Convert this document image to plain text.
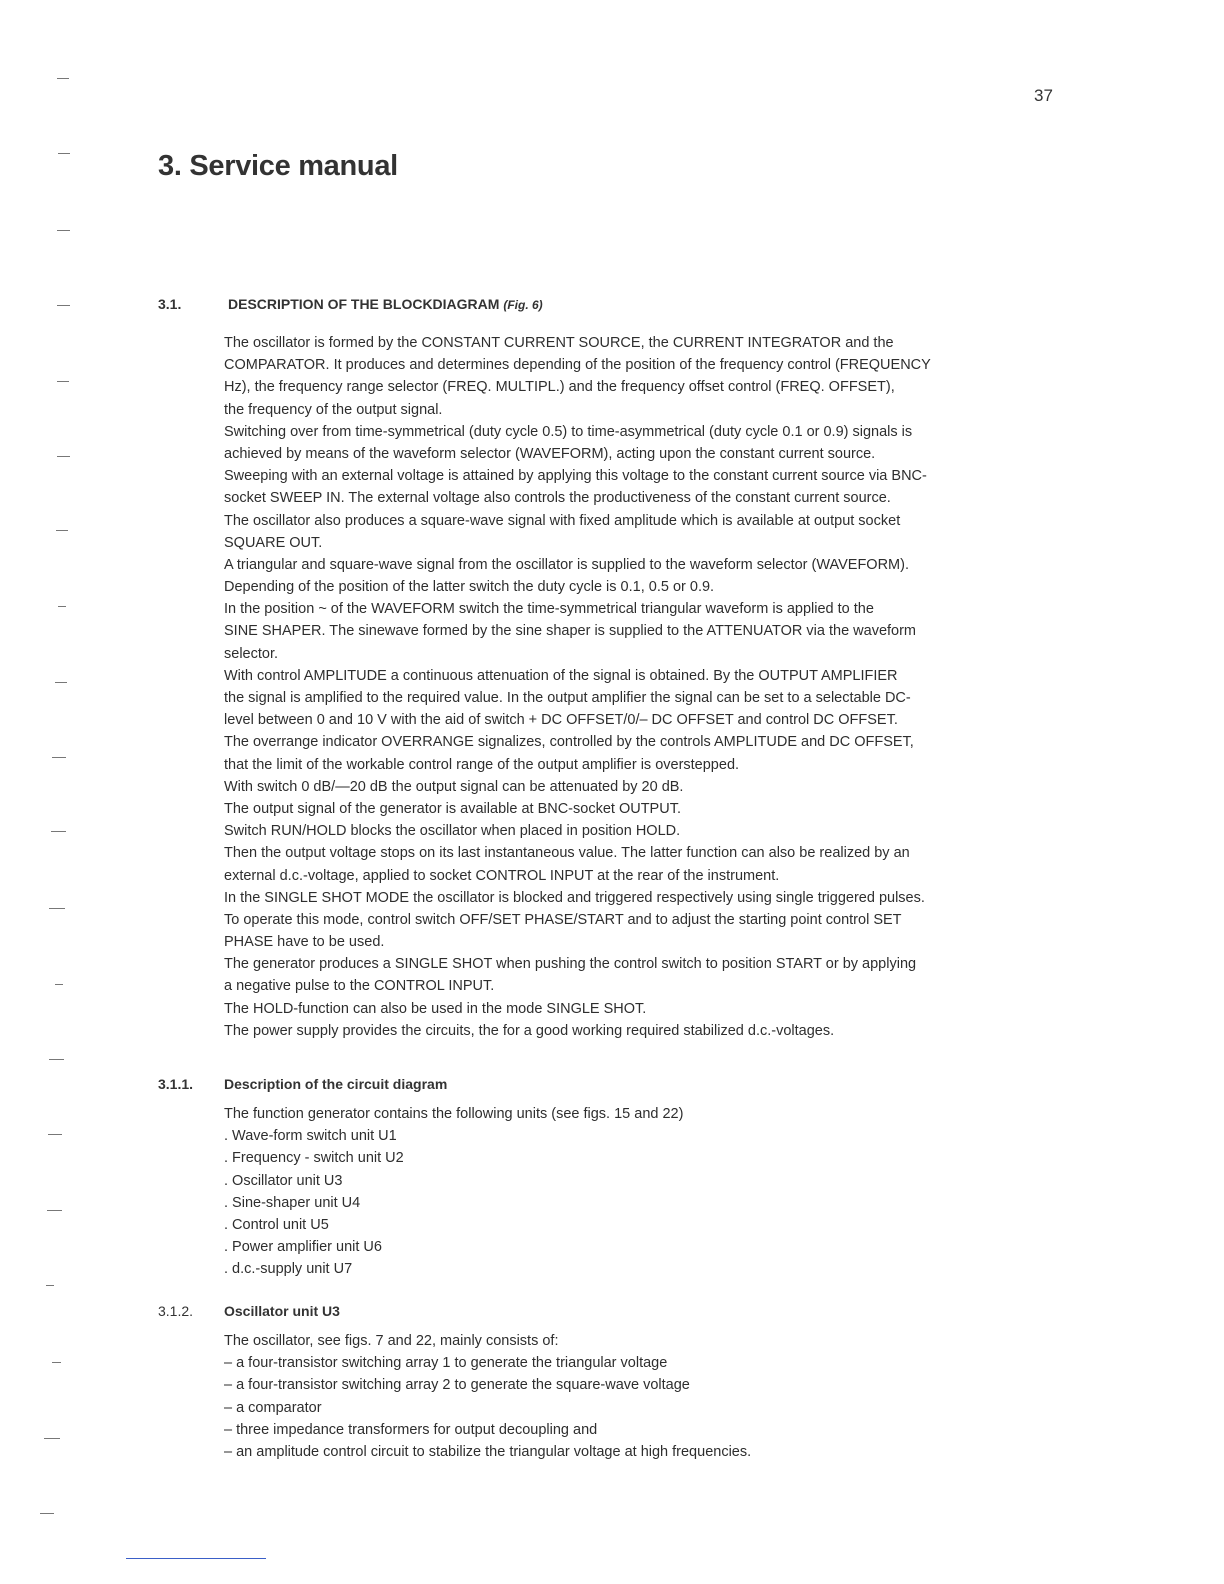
37
3. Service manual
3.1.	DESCRIPTION OF THE BLOCKDIAGRAM (Fig. 6)
The oscillator is formed by the CONSTANT CURRENT SOURCE, the CURRENT INTEGRATOR and the
COMPARATOR. It produces and determines depending of the position of the frequency control (FREQUENCY
Hz), the frequency range selector (FREQ. MULTIPL.) and the frequency offset control (FREQ. OFFSET),
the frequency of the output signal.
Switching over from time-symmetrical (duty cycle 0.5) to time-asymmetrical (duty cycle 0.1 or 0.9) signals is
achieved by means of the waveform selector (WAVEFORM), acting upon the constant current source.
Sweeping with an external voltage is attained by applying this voltage to the constant current source via BNC-
socket SWEEP IN. The external voltage also controls the productiveness of the constant current source.
The oscillator also produces a square-wave signal with fixed amplitude which is available at output socket
SQUARE OUT.
A triangular and square-wave signal from the oscillator is supplied to the waveform selector (WAVEFORM).
Depending of the position of the latter switch the duty cycle is 0.1, 0.5 or 0.9.
In the position ~ of the WAVEFORM switch the time-symmetrical triangular waveform is applied to the
SINE SHAPER. The sinewave formed by the sine shaper is supplied to the ATTENUATOR via the waveform
selector.
With control AMPLITUDE a continuous attenuation of the signal is obtained. By the OUTPUT AMPLIFIER
the signal is amplified to the required value. In the output amplifier the signal can be set to a selectable DC-
level between 0 and 10 V with the aid of switch + DC OFFSET/0/– DC OFFSET and control DC OFFSET.
The overrange indicator OVERRANGE signalizes, controlled by the controls AMPLITUDE and DC OFFSET,
that the limit of the workable control range of the output amplifier is overstepped.
With switch 0 dB/—20 dB the output signal can be attenuated by 20 dB.
The output signal of the generator is available at BNC-socket OUTPUT.
Switch RUN/HOLD blocks the oscillator when placed in position HOLD.
Then the output voltage stops on its last instantaneous value. The latter function can also be realized by an
external d.c.-voltage, applied to socket CONTROL INPUT at the rear of the instrument.
In the SINGLE SHOT MODE the oscillator is blocked and triggered respectively using single triggered pulses.
To operate this mode, control switch OFF/SET PHASE/START and to adjust the starting point control SET
PHASE have to be used.
The generator produces a SINGLE SHOT when pushing the control switch to position START or by applying
a negative pulse to the CONTROL INPUT.
The HOLD-function can also be used in the mode SINGLE SHOT.
The power supply provides the circuits, the for a good working required stabilized d.c.-voltages.
3.1.1. Description of the circuit diagram
The function generator contains the following units (see figs. 15 and 22)
. Wave-form switch unit U1
. Frequency - switch unit U2
. Oscillator unit U3
. Sine-shaper unit U4
. Control unit U5
. Power amplifier unit U6
. d.c.-supply unit U7
3.1.2. Oscillator unit U3
The oscillator, see figs. 7 and 22, mainly consists of:
– a four-transistor switching array 1 to generate the triangular voltage
– a four-transistor switching array 2 to generate the square-wave voltage
– a comparator
– three impedance transformers for output decoupling and
– an amplitude control circuit to stabilize the triangular voltage at high frequencies.
